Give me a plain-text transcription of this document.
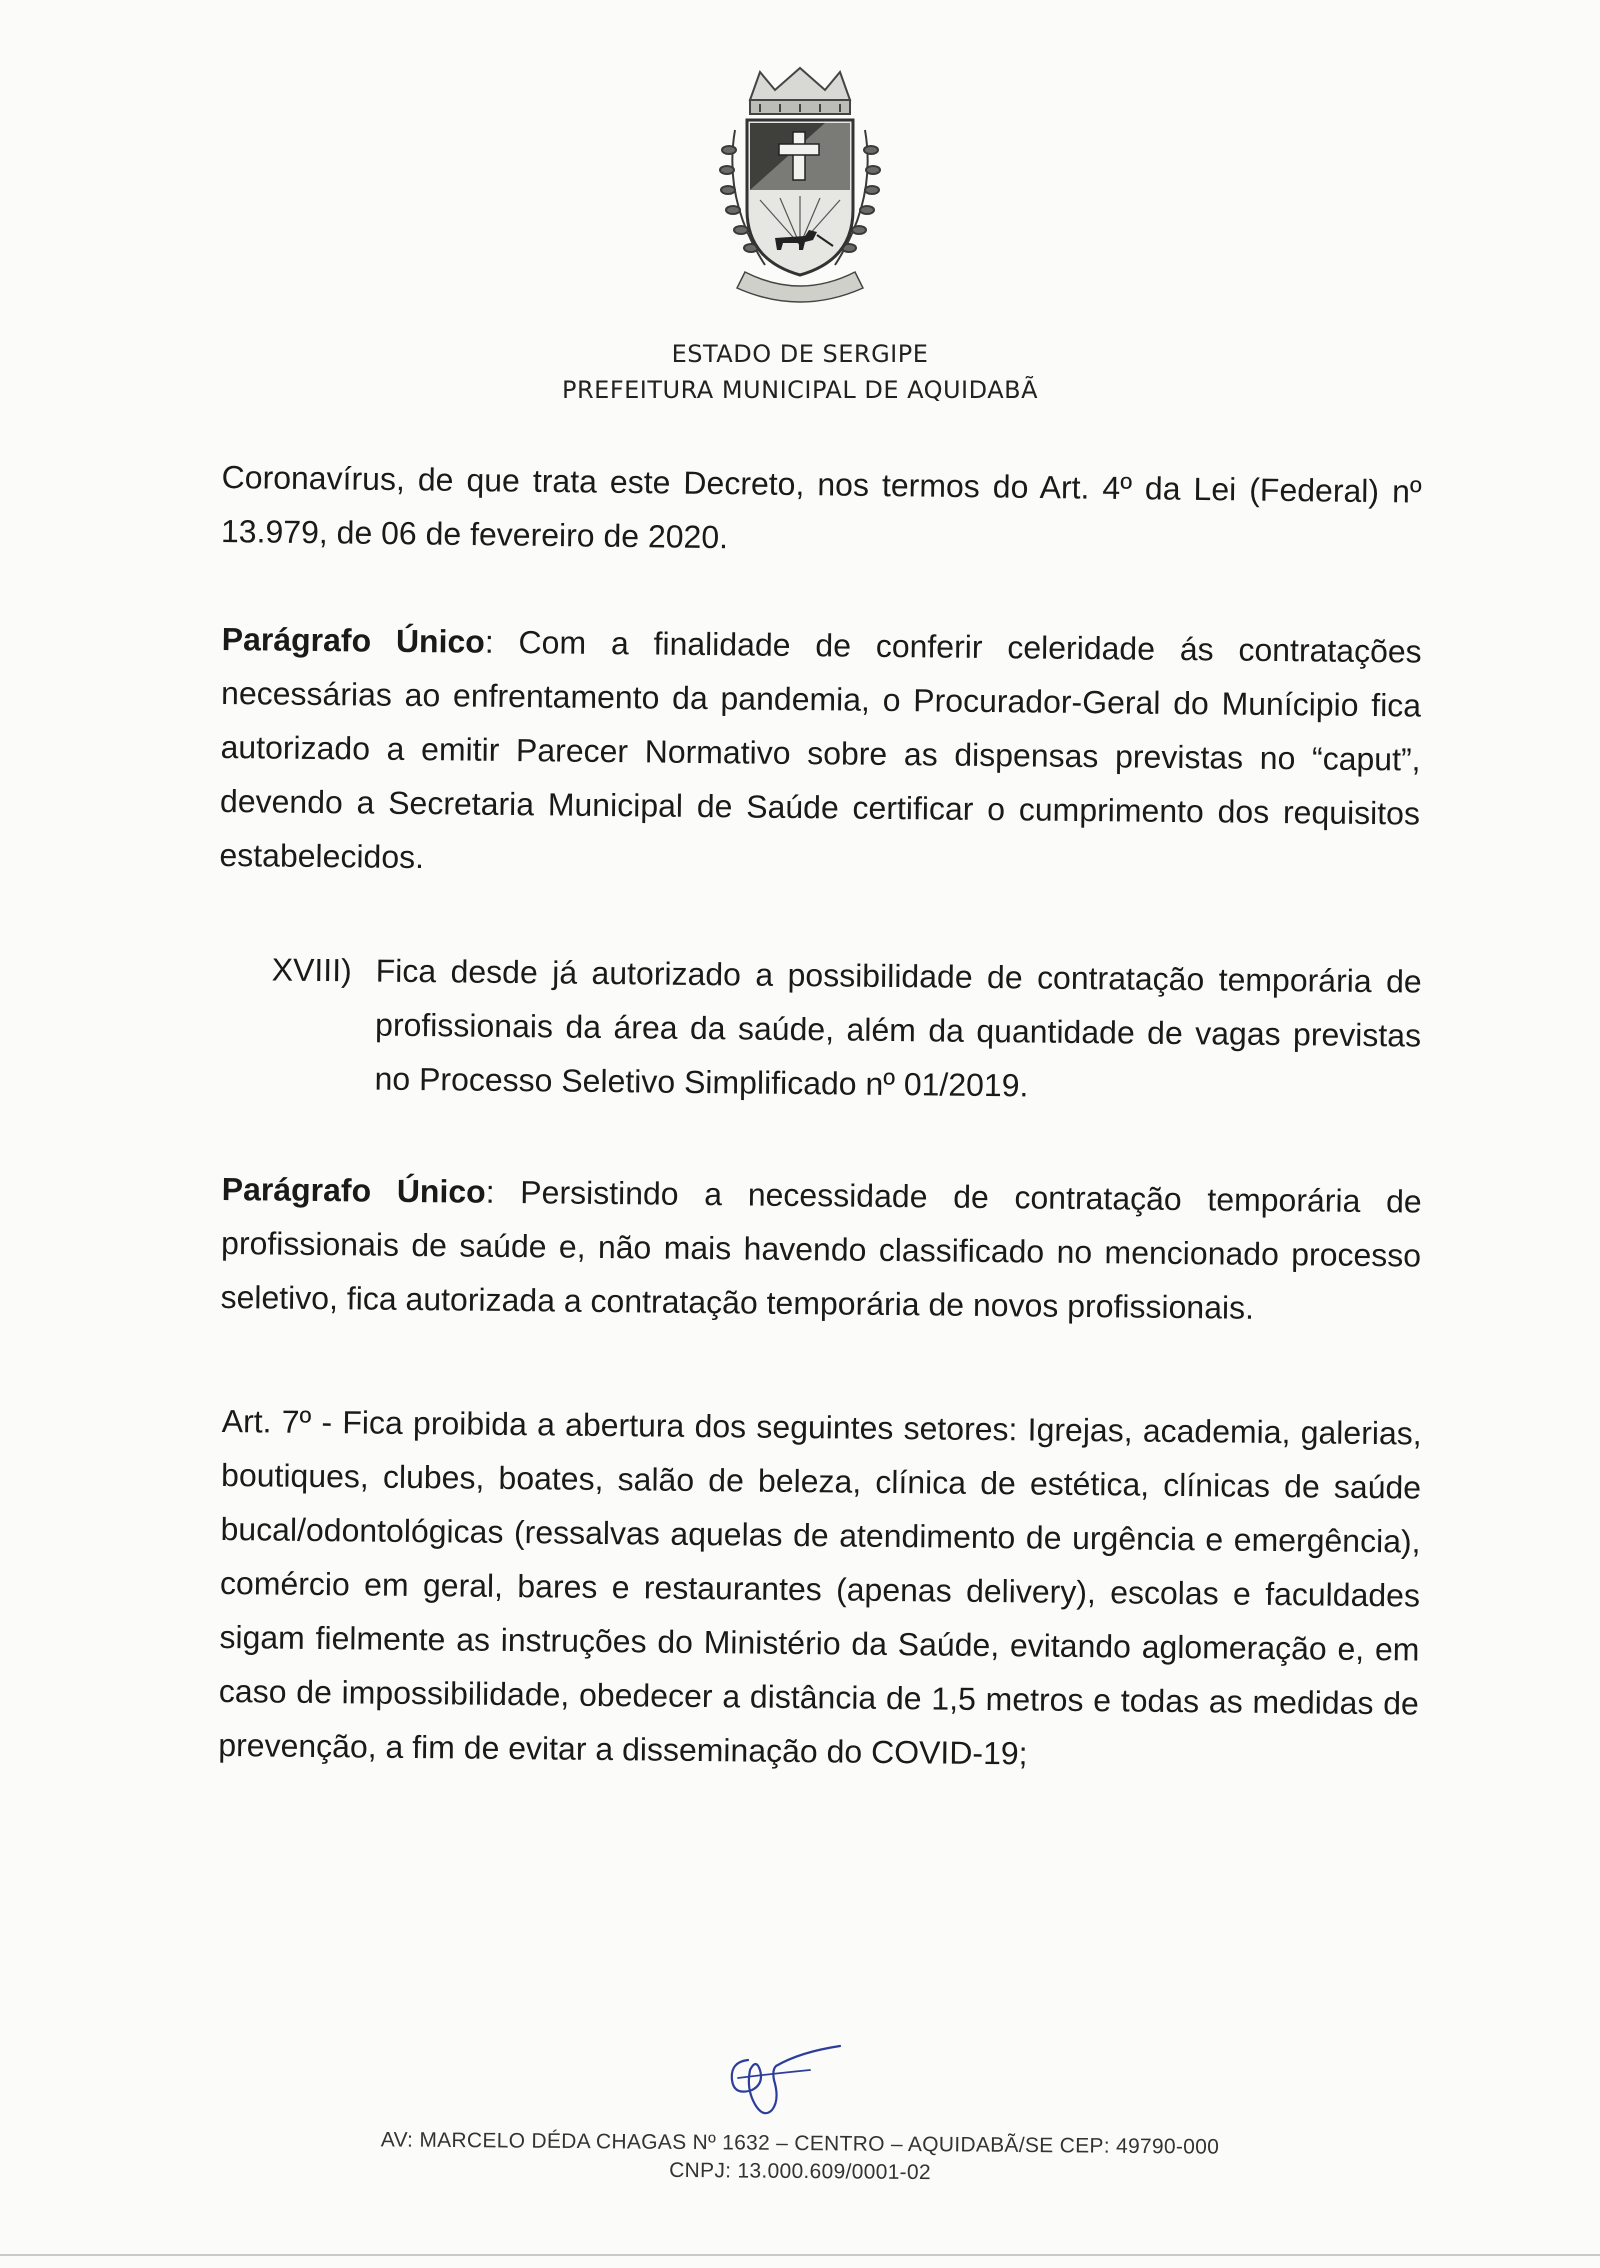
ESTADO DE SERGIPE
PREFEITURA MUNICIPAL DE AQUIDABÃ

Coronavírus, de que trata este Decreto, nos termos do Art. 4º da Lei (Federal) nº 13.979, de 06 de fevereiro de 2020.

Parágrafo Único: Com a finalidade de conferir celeridade ás contratações necessárias ao enfrentamento da pandemia, o Procurador-Geral do Munícipio fica autorizado a emitir Parecer Normativo sobre as dispensas previstas no “caput”, devendo a Secretaria Municipal de Saúde certificar o cumprimento dos requisitos estabelecidos.

XVIII) Fica desde já autorizado a possibilidade de contratação temporária de profissionais da área da saúde, além da quantidade de vagas previstas no Processo Seletivo Simplificado nº 01/2019.

Parágrafo Único: Persistindo a necessidade de contratação temporária de profissionais de saúde e, não mais havendo classificado no mencionado processo seletivo, fica autorizada a contratação temporária de novos profissionais.

Art. 7º - Fica proibida a abertura dos seguintes setores: Igrejas, academia, galerias, boutiques, clubes, boates, salão de beleza, clínica de estética, clínicas de saúde bucal/odontológicas (ressalvas aquelas de atendimento de urgência e emergência), comércio em geral, bares e restaurantes (apenas delivery), escolas e faculdades sigam fielmente as instruções do Ministério da Saúde, evitando aglomeração e, em caso de impossibilidade, obedecer a distância de 1,5 metros e todas as medidas de prevenção, a fim de evitar a disseminação do COVID-19;

AV: MARCELO DÉDA CHAGAS Nº 1632 – CENTRO – AQUIDABÃ/SE CEP: 49790-000
CNPJ: 13.000.609/0001-02
